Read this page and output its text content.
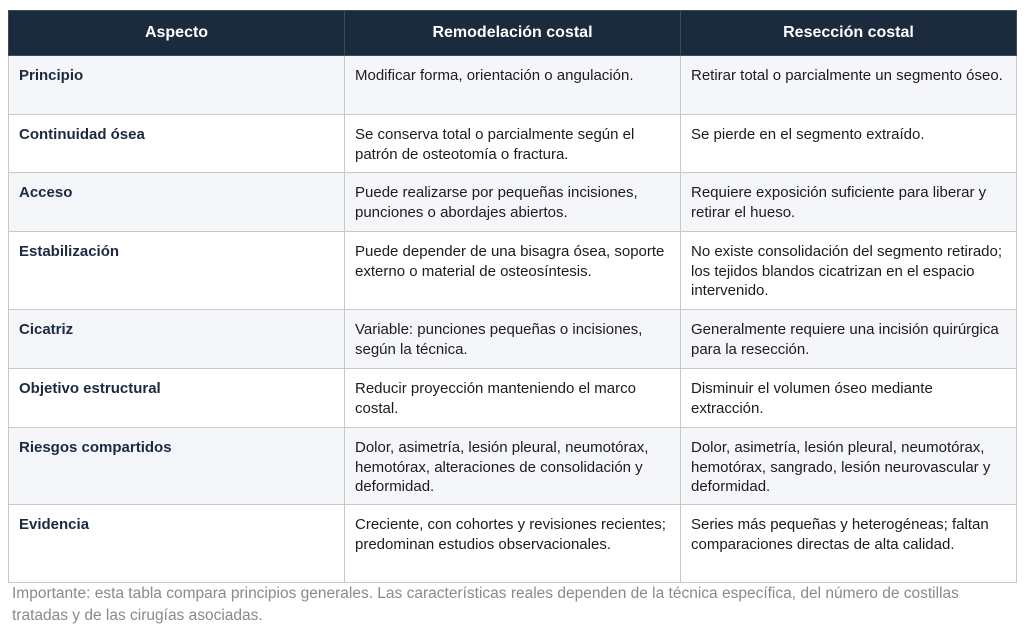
Aspecto	Remodelación costal	Resección costal
Principio	Modificar forma, orientación o angulación.	Retirar total o parcialmente un segmento óseo.
Continuidad ósea	Se conserva total o parcialmente según el patrón de osteotomía o fractura.	Se pierde en el segmento extraído.
Acceso	Puede realizarse por pequeñas incisiones, punciones o abordajes abiertos.	Requiere exposición suficiente para liberar y retirar el hueso.
Estabilización	Puede depender de una bisagra ósea, soporte externo o material de osteosíntesis.	No existe consolidación del segmento retirado; los tejidos blandos cicatrizan en el espacio intervenido.
Cicatriz	Variable: punciones pequeñas o incisiones, según la técnica.	Generalmente requiere una incisión quirúrgica para la resección.
Objetivo estructural	Reducir proyección manteniendo el marco costal.	Disminuir el volumen óseo mediante extracción.
Riesgos compartidos	Dolor, asimetría, lesión pleural, neumotórax, hemotórax, alteraciones de consolidación y deformidad.	Dolor, asimetría, lesión pleural, neumotórax, hemotórax, sangrado, lesión neurovascular y deformidad.
Evidencia	Creciente, con cohortes y revisiones recientes; predominan estudios observacionales.	Series más pequeñas y heterogéneas; faltan comparaciones directas de alta calidad.
Importante: esta tabla compara principios generales. Las características reales dependen de la técnica específica, del número de costillas tratadas y de las cirugías asociadas.
